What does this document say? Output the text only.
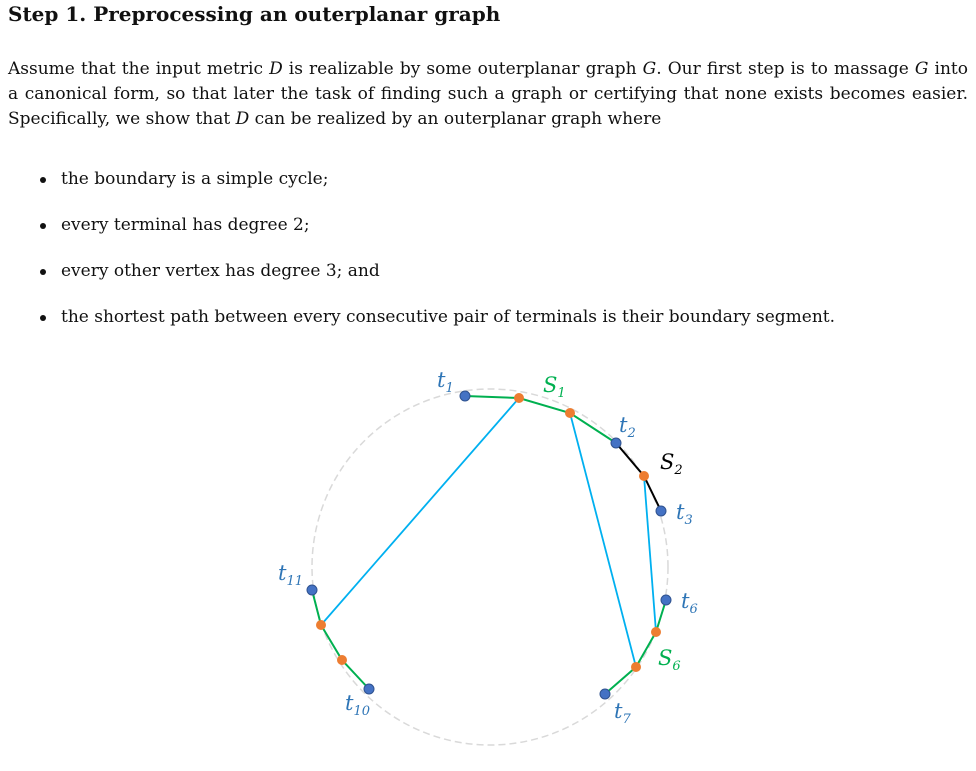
Step 1. Preprocessing an outerplanar graph

Assume that the input metric D is realizable by some outerplanar graph G. Our first step is to massage G into a canonical form, so that later the task of finding such a graph or certifying that none exists becomes easier. Specifically, we show that D can be realized by an outerplanar graph where

the boundary is a simple cycle;
every terminal has degree 2;
every other vertex has degree 3; and
the shortest path between every consecutive pair of terminals is their boundary segment.
$t_1$	$S_1$
$t_2$
$S_2$
$t_3$
$t_6$
$S_6$
$t_7$
$t_{10}$
$t_{11}$
